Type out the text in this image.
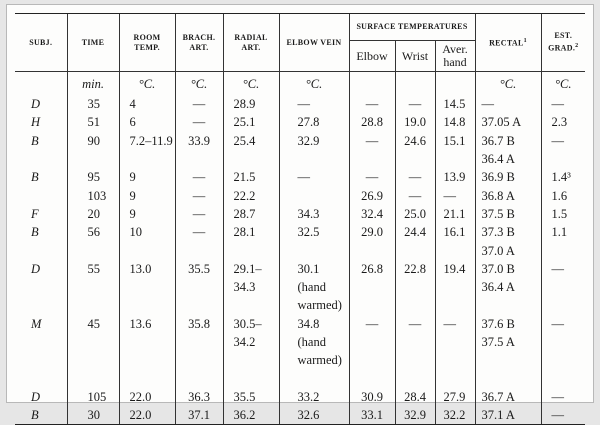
SUBJ.	TIME	ROOM TEMP.	BRACH. ART.	RADIAL ART.	ELBOW VEIN	SURFACE TEMPERATURES			RECTAL$^1$	EST. GRAD.$^2$
						Elbow	Wrist	Aver. hand		
	min.	°C.	°C.	°C.	°C.				°C.	°C.
D	35	4	—	28.9	—	—	—	14.5	—	—
H	51	6	—	25.1	27.8	28.8	19.0	14.8	37.05 A	2.3
B	90	7.2–11.9	33.9	25.4	32.9	—	24.6	15.1	36.7 B	—
									36.4 A	
B	95	9	—	21.5	—	—	—	13.9	36.9 B	1.4³
	103	9	—	22.2		26.9	—	—	36.8 A	1.6
F	20	9	—	28.7	34.3	32.4	25.0	21.1	37.5 B	1.5
B	56	10	—	28.1	32.5	29.0	24.4	16.1	37.3 B	1.1
									37.0 A	
D	55	13.0	35.5	29.1–	30.1	26.8	22.8	19.4	37.0 B	—
				34.3	(hand				36.4 A	
					warmed)					
M	45	13.6	35.8	30.5–	34.8	—	—	—	37.6 B	—
				34.2	(hand				37.5 A	
					warmed)					

D	105	22.0	36.3	35.5	33.2	30.9	28.4	27.9	36.7 A	—
B	30	22.0	37.1	36.2	32.6	33.1	32.9	32.2	37.1 A	—
